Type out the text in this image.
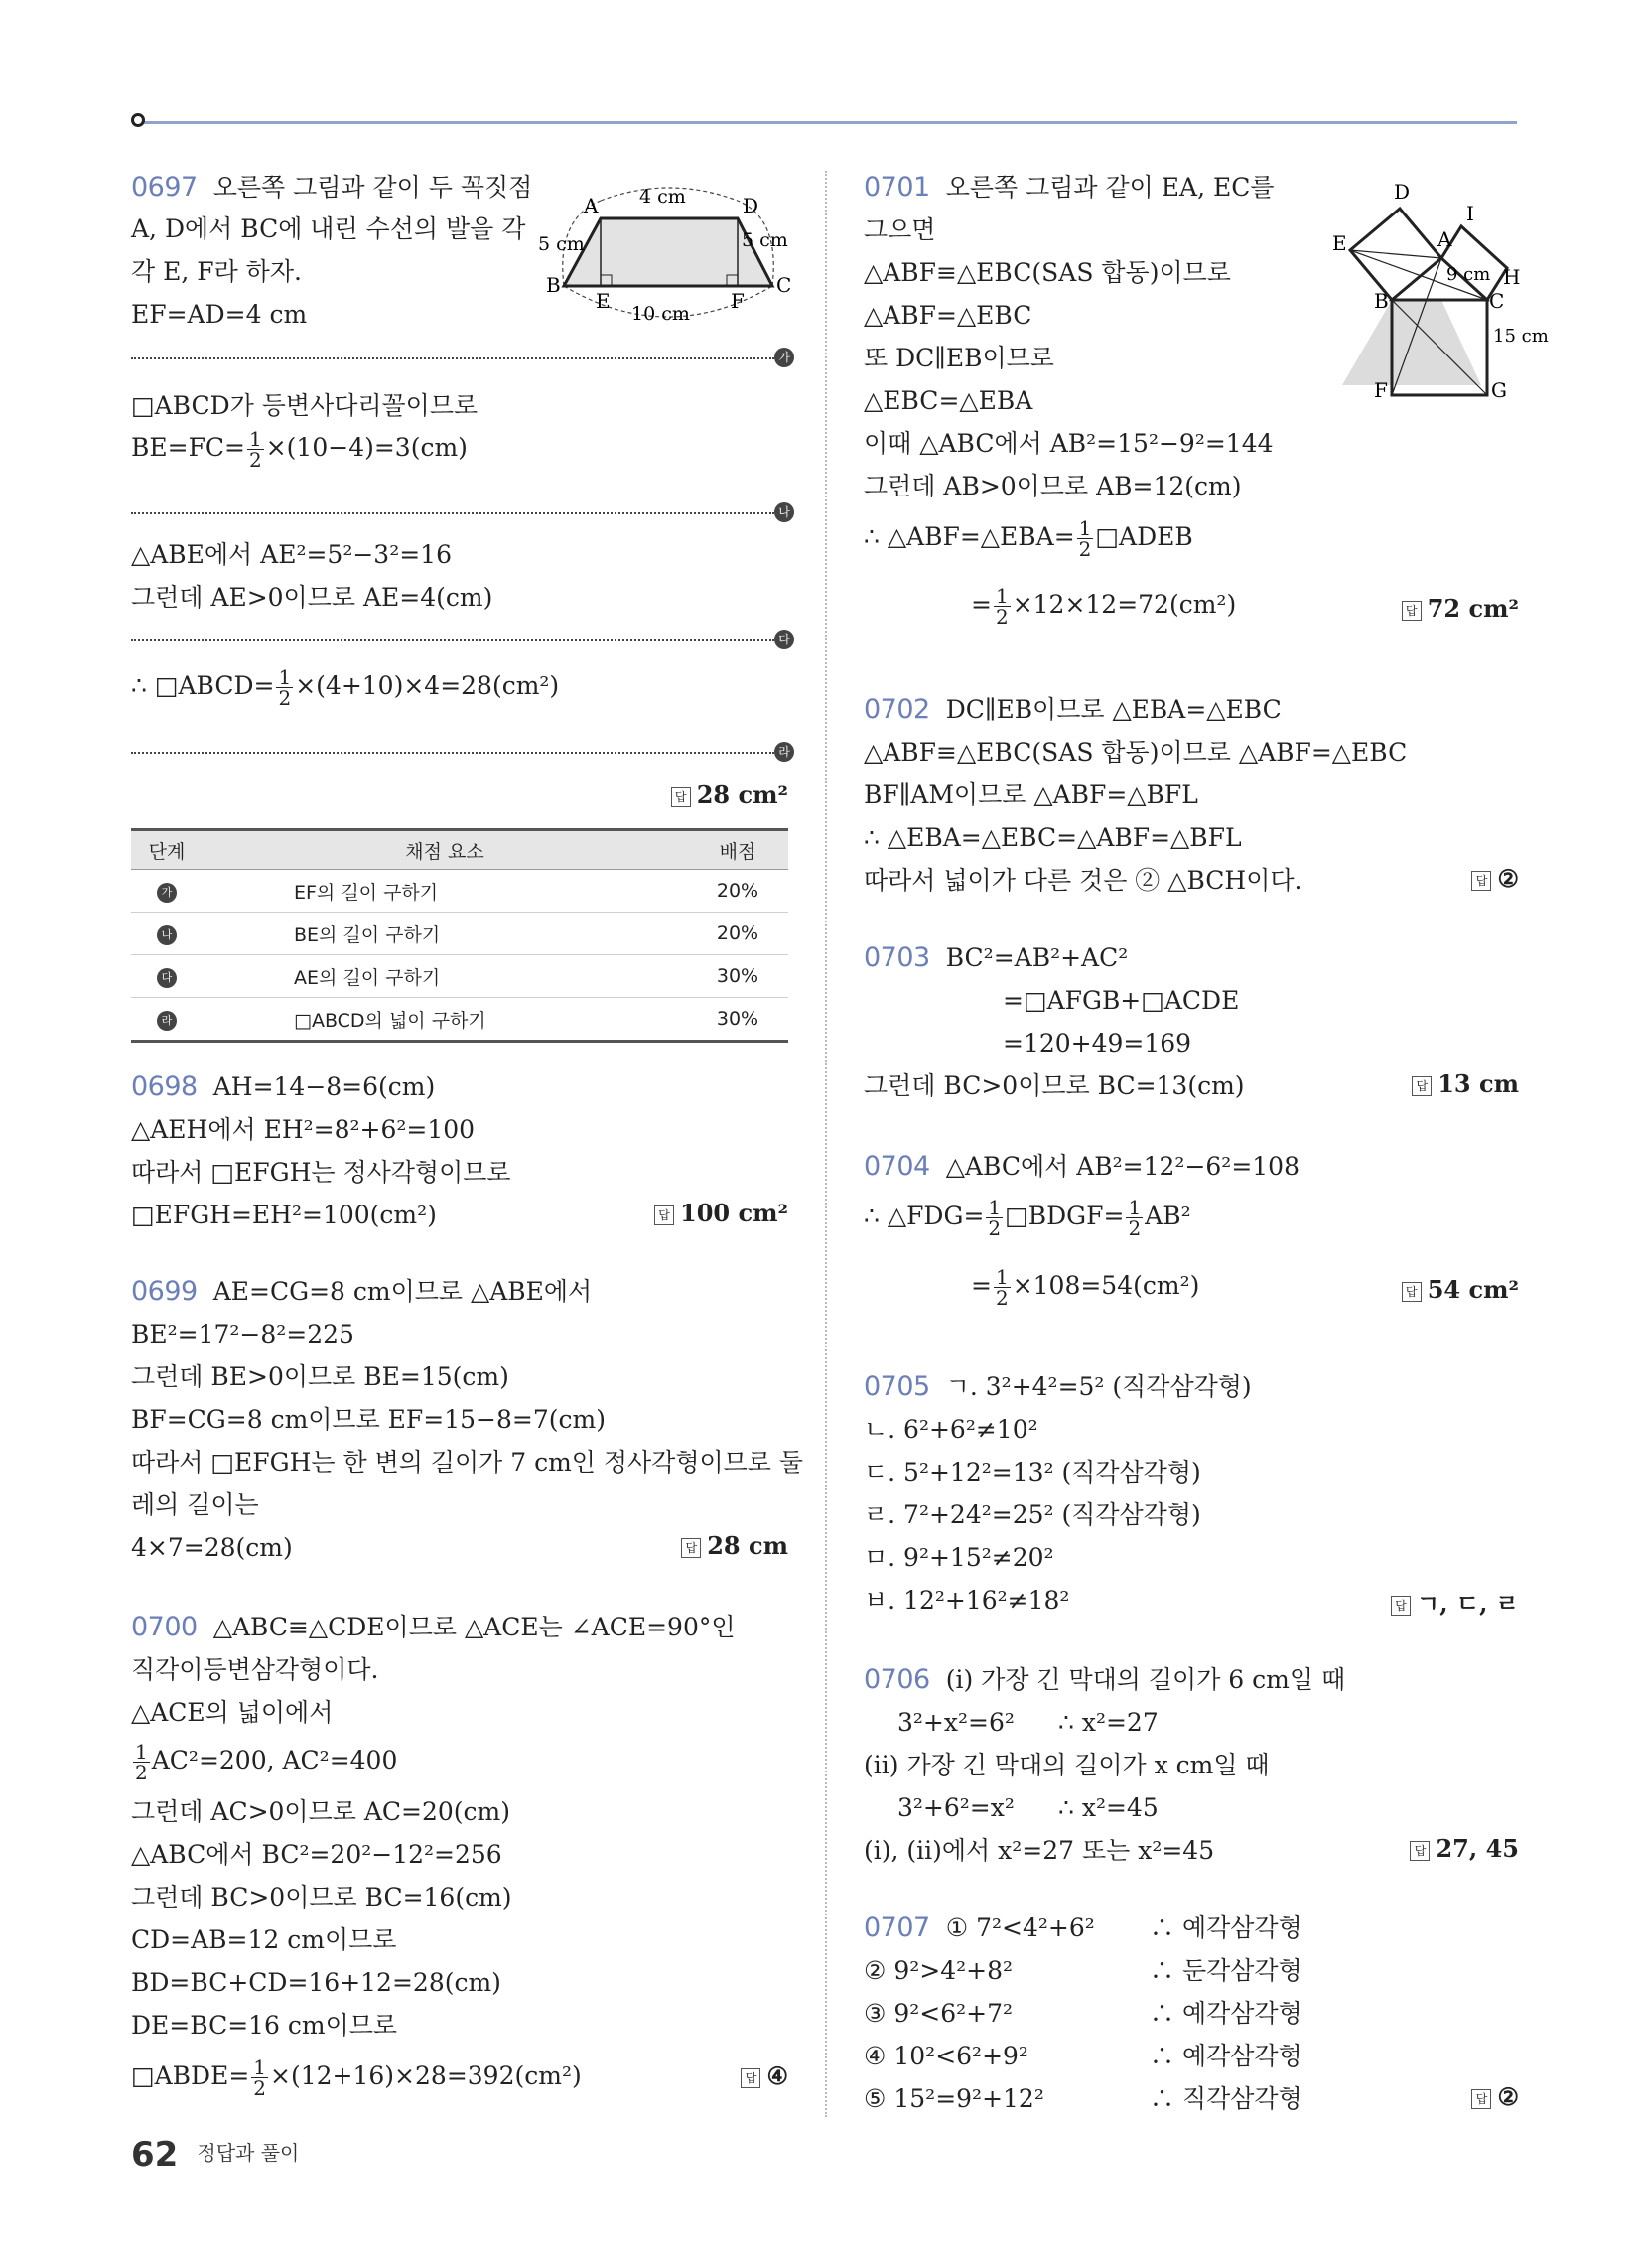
0697 오른쪽 그림과 같이 두 꼭짓점
A, D에서 BC에 내린 수선의 발을 각
각 E, F라 하자.
EF=AD=4 cm
A	D
4 cm
5 cm	5 cm
B	C
E	F
10 cm
가
□ABCD가 등변사다리꼴이므로
$BE=FC= \frac{1}{2} \times(10-4)=3(cm)$
나
△ABE에서 AE²=5²−3²=16
그런데 AE>0이므로 AE=4(cm)
다
∴ □ABCD= $\frac{1}{2} \times(4+10)\times 4=28(cm^2)$
라
답 28 cm²
단계	채점 요소	배점
가	EF의 길이 구하기	20%
나	BE의 길이 구하기	20%
다	AE의 길이 구하기	30%
라	□ABCD의 넓이 구하기	30%
0698 AH=14−8=6(cm)
△AEH에서 EH²=8²+6²=100
따라서 □EFGH는 정사각형이므로
□EFGH=EH²=100(cm²)	답 100 cm²
0699 AE=CG=8 cm이므로 △ABE에서
BE²=17²−8²=225
그런데 BE>0이므로 BE=15(cm)
BF=CG=8 cm이므로 EF=15−8=7(cm)
따라서 □EFGH는 한 변의 길이가 7 cm인 정사각형이므로 둘
레의 길이는
4×7=28(cm)	답 28 cm
0700 △ABC≡△CDE이므로 △ACE는 ∠ACE=90°인
직각이등변삼각형이다.
△ACE의 넓이에서
$\frac{1}{2} AC^2=200$, AC²=400
그런데 AC>0이므로 AC=20(cm)
△ABC에서 BC²=20²−12²=256
그런데 BC>0이므로 BC=16(cm)
CD=AB=12 cm이므로
BD=BC+CD=16+12=28(cm)
DE=BC=16 cm이므로
□ABDE= $\frac{1}{2} \times(12+16)\times 28=392(cm^2)$	답 ④
0701 오른쪽 그림과 같이 EA, EC를
그으면
△ABF≡△EBC(SAS 합동)이므로
△ABF=△EBC
또 DC∥EB이므로
△EBC=△EBA
이때 △ABC에서 AB²=15²−9²=144
그런데 AB>0이므로 AB=12(cm)
∴ △ABF=△EBA= $\frac{1}{2}$ □ADEB
= $\frac{1}{2} \times 12\times 12=72(cm^2)$	답 72 cm²
D
I
E	A
9 cm H
B	C
15 cm
F	G
0702 DC∥EB이므로 △EBA=△EBC
△ABF≡△EBC(SAS 합동)이므로 △ABF=△EBC
BF∥AM이므로 △ABF=△BFL
∴ △EBA=△EBC=△ABF=△BFL
따라서 넓이가 다른 것은 ② △BCH이다.	답 ②
0703 BC²=AB²+AC²
=□AFGB+□ACDE
=120+49=169
그런데 BC>0이므로 BC=13(cm)	답 13 cm
0704 △ABC에서 AB²=12²−6²=108
∴ △FDG= $\frac{1}{2}$ □BDGF= $\frac{1}{2} AB^2$
= $\frac{1}{2} \times 108=54(cm^2)$	답 54 cm²
0705 ㄱ. 3²+4²=5² (직각삼각형)
ㄴ. 6²+6²≠10²
ㄷ. 5²+12²=13² (직각삼각형)
ㄹ. 7²+24²=25² (직각삼각형)
ㅁ. 9²+15²≠20²
ㅂ. 12²+16²≠18²	답 ㄱ, ㄷ, ㄹ
0706 (ⅰ) 가장 긴 막대의 길이가 6 cm일 때
3²+x²=6² ∴ x²=27
(ⅱ) 가장 긴 막대의 길이가 x cm일 때
3²+6²=x² ∴ x²=45
(ⅰ), (ⅱ)에서 x²=27 또는 x²=45	답 27, 45
0707 ① 7²<4²+6² ∴ 예각삼각형
② 9²>4²+8²	∴ 둔각삼각형
③ 9²<6²+7²	∴ 예각삼각형
④ 10²<6²+9²	∴ 예각삼각형
⑤ 15²=9²+12²	∴ 직각삼각형	답 ②
62 정답과 풀이
